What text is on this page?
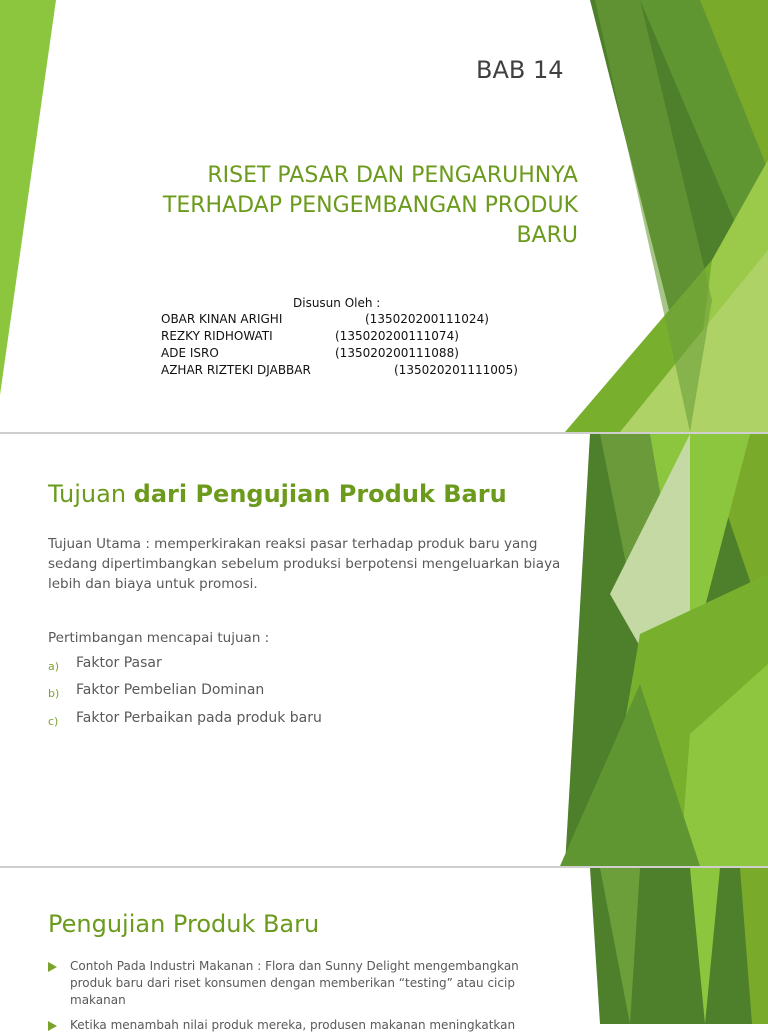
BAB 14
RISET PASAR DAN PENGARUHNYA
TERHADAP PENGEMBANGAN PRODUK
BARU
Disusun Oleh :
OBAR KINAN ARIGHI	(135020200111024)
REZKY RIDHOWATI	(135020200111074)
ADE ISRO	(135020200111088)
AZHAR RIZTEKI DJABBAR	(135020201111005)
Tujuan dari Pengujian Produk Baru
Tujuan Utama : memperkirakan reaksi pasar terhadap produk baru yang sedang dipertimbangkan sebelum produksi berpotensi mengeluarkan biaya lebih dan biaya untuk promosi.
Pertimbangan mencapai tujuan :
a) Faktor Pasar
b) Faktor Pembelian Dominan
c) Faktor Perbaikan pada produk baru
Pengujian Produk Baru
Contoh Pada Industri Makanan : Flora dan Sunny Delight mengembangkan produk baru dari riset konsumen dengan memberikan “testing” atau cicip makanan
Ketika menambah nilai produk mereka, produsen makanan meningkatkan
